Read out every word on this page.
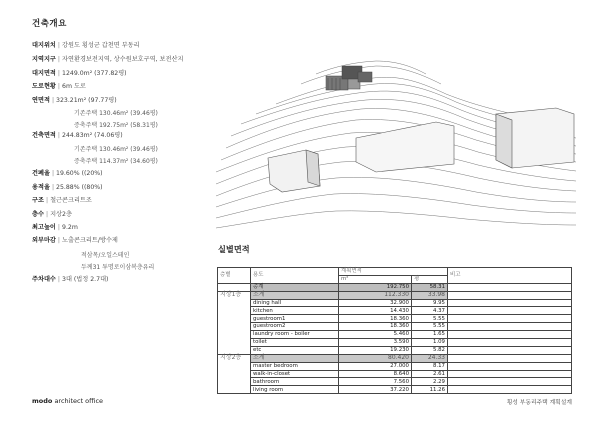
건축개요
대지위치 | 강원도 횡성군 갑천면 부동리
지역지구 | 자연환경보전지역, 상수원보호구역, 보전산지
대지면적 | 1249.0m² (377.82평)
도로현황 | 6m 도로
연면적 | 323.21m² (97.77평)
기존주택 130.46m² (39.46평)
증축주택 192.75m² (58.31평)
건축면적 | 244.83m² (74.06평)
기존주택 130.46m² (39.46평)
증축주택 114.37m² (34.60평)
건폐율 | 19.60% ((20%)
용적율 | 25.88% ((80%)
구조 | 철근콘크리트조
층수 | 지상2층
최고높이 | 9.2m
외부마감 | 노출콘크리트/방수제
적삼목/오일스테인
두께31 투명로이삼복층유리
주차대수 | 3대 (법정 2.7대)
실별면적
층별	용도	계획면적		비고
		m²	평	
	총계	192.750	58.31	
지상1층	소계	112.330	33.98	
	dining hall	32.900	9.95	
	kitchen	14.430	4.37	
	guestroom1	18.360	5.55	
	guestroom2	18.360	5.55	
	laundry room - boiler	5.460	1.65	
	toilet	3.590	1.09	
	etc	19.230	5.82	
지상2층	소계	80.420	24.33	
	master bedroom	27.000	8.17	
	walk-in-closet	8.640	2.61	
	bathroom	7.560	2.29	
	living room	37.220	11.26	
modo architect office	횡성 부동리주택 계획설계
